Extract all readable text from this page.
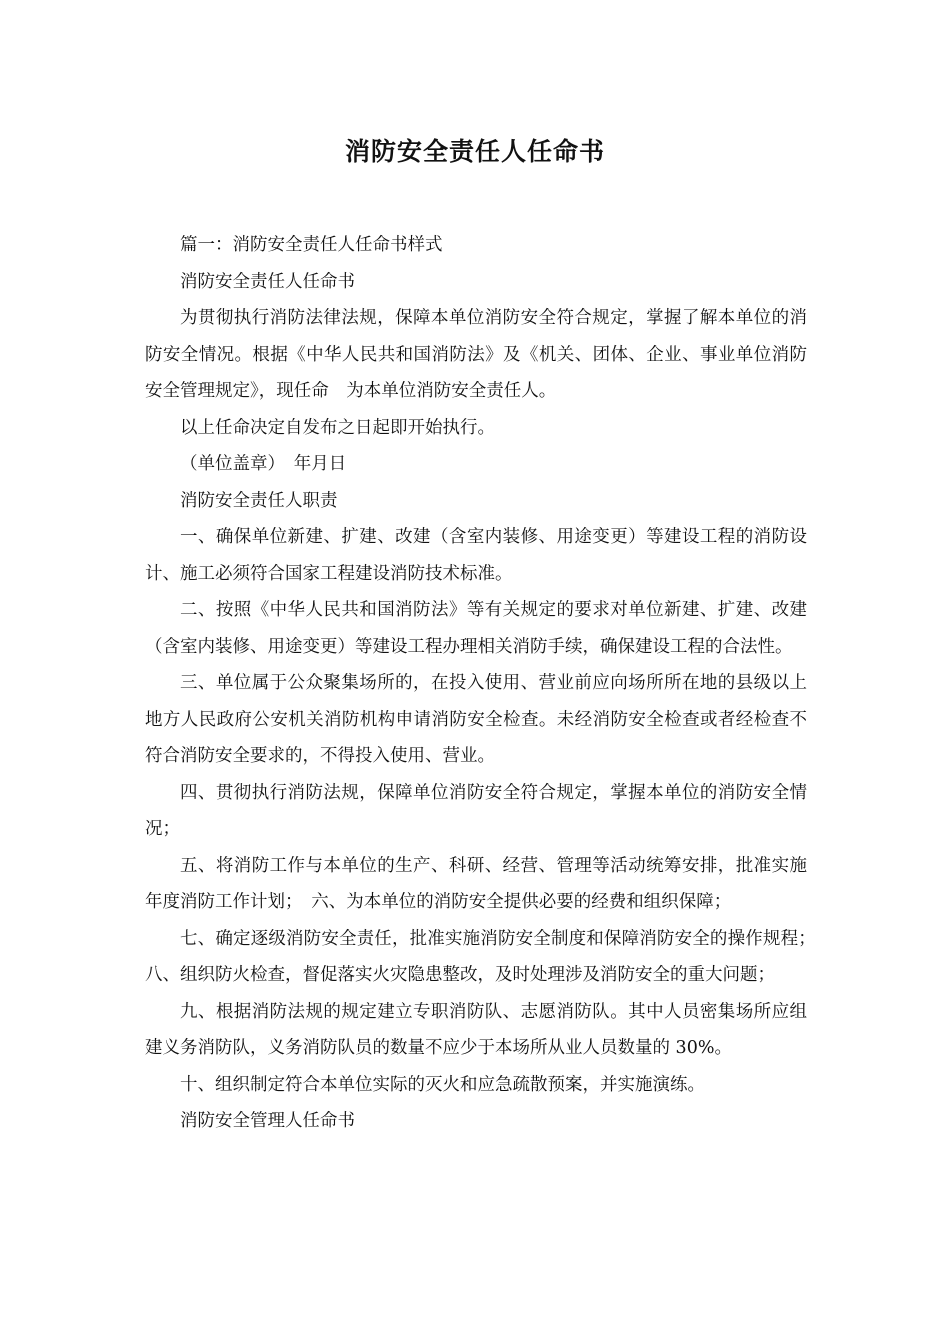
消防安全责任人任命书

篇一：消防安全责任人任命书样式

消防安全责任人任命书

为贯彻执行消防法律法规，保障本单位消防安全符合规定，掌握了解本单位的消防安全情况。根据《中华人民共和国消防法》及《机关、团体、企业、事业单位消防安全管理规定》，现任命　为本单位消防安全责任人。

以上任命决定自发布之日起即开始执行。

（单位盖章）　年月日

消防安全责任人职责

一、确保单位新建、扩建、改建（含室内装修、用途变更）等建设工程的消防设计、施工必须符合国家工程建设消防技术标准。

二、按照《中华人民共和国消防法》等有关规定的要求对单位新建、扩建、改建（含室内装修、用途变更）等建设工程办理相关消防手续，确保建设工程的合法性。

三、单位属于公众聚集场所的，在投入使用、营业前应向场所所在地的县级以上地方人民政府公安机关消防机构申请消防安全检查。未经消防安全检查或者经检查不符合消防安全要求的，不得投入使用、营业。

四、贯彻执行消防法规，保障单位消防安全符合规定，掌握本单位的消防安全情况；

五、将消防工作与本单位的生产、科研、经营、管理等活动统筹安排，批准实施年度消防工作计划；　六、为本单位的消防安全提供必要的经费和组织保障；

七、确定逐级消防安全责任，批准实施消防安全制度和保障消防安全的操作规程；　八、组织防火检查，督促落实火灾隐患整改，及时处理涉及消防安全的重大问题；

九、根据消防法规的规定建立专职消防队、志愿消防队。其中人员密集场所应组建义务消防队，义务消防队员的数量不应少于本场所从业人员数量的 30%。

十、组织制定符合本单位实际的灭火和应急疏散预案，并实施演练。

消防安全管理人任命书
